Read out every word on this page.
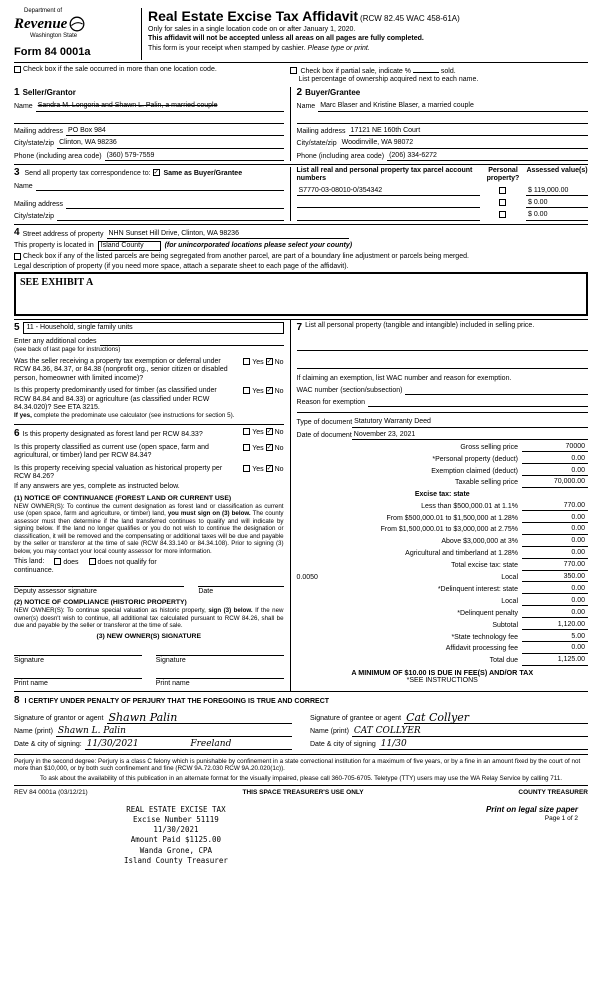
Department of
Revenue
Washington State
Form 84 0001a
Real Estate Excise Tax Affidavit (RCW 82.45 WAC 458-61A)
Only for sales in a single location code on or after January 1, 2020.
This affidavit will not be accepted unless all areas on all pages are fully completed.
This form is your receipt when stamped by cashier. Please type or print.
Check box if the sale occurred in more than one location code.	Check box if partial sale, indicate %	sold.
List percentage of ownership acquired next to each name.
1 Seller/Grantor
Name Sandra M. Longoria and Shawn L. Palin, a married couple
Mailing address PO Box 984
City/state/zip Clinton, WA 98236
Phone (including area code) (360) 579-7559
2 Buyer/Grantee
Name Marc Blaser and Kristine Blaser, a married couple
Mailing address 17121 NE 160th Court
City/state/zip Woodinville, WA 98072
Phone (including area code) (206) 334-6272
3 Send all property tax correspondence to: ✓ Same as Buyer/Grantee
Name
Mailing address
City/state/zip
List all real and personal property tax parcel account numbers
Personal property?
Assessed value(s)
S7770-03-08010-0/354342	$ 119,000.00
$ 0.00
$ 0.00
4 Street address of property NHN Sunset Hill Drive, Clinton, WA 98236
This property is located in	Island County	(for unincorporated locations please select your county)
Check box if any of the listed parcels are being segregated from another parcel, are part of a boundary line adjustment or parcels being merged.
Legal description of property (if you need more space, attach a separate sheet to each page of the affidavit).
SEE EXHIBIT A
5	11 - Household, single family units
Enter any additional codes
(see back of last page for instructions)
Was the seller receiving a property tax exemption or deferral under RCW 84.36, 84.37, or 84.38 (nonprofit org., senior citizen or disabled person, homeowner with limited income)?
Yes ✓ No
Is this property predominantly used for timber (as classified under RCW 84.84 and 84.33) or agriculture (as classified under RCW 84.34.020)? See ETA 3215.
Yes ✓ No
If yes, complete the predominate use calculator (see instructions for section 5).
6 Is this property designated as forest land per RCW 84.33?	Yes ✓ No
Is this property classified as current use (open space, farm and agricultural, or timber) land per RCW 84.34?
Yes ✓ No
Is this property receiving special valuation as historical property per RCW 84.26?
Yes ✓ No
If any answers are yes, complete as instructed below.
(1) NOTICE OF CONTINUANCE (FOREST LAND OR CURRENT USE)
NEW OWNER(S): To continue the current designation as forest land or classification as current use (open space, farm and agriculture, or timber) land, you must sign on (3) below. The county assessor must then determine if the land transferred continues to qualify and will indicate by signing below. If the land no longer qualifies or you do not wish to continue the designation or classification, it will be removed and the compensating or additional taxes will be due and payable by the seller or transferor at the time of sale (RCW 84.33.140 or 84.34.108). Prior to signing (3) below, you may contact your local county assessor for more information.
This land:	does	does not qualify for
continuance.
Deputy assessor signature	Date
(2) NOTICE OF COMPLIANCE (HISTORIC PROPERTY)
NEW OWNER(S): To continue special valuation as historic property, sign (3) below. If the new owner(s) doesn't wish to continue, all additional tax calculated pursuant to RCW 84.26, shall be due and payable by the seller or transferor at the time of sale.
(3) NEW OWNER(S) SIGNATURE
Signature	Signature
Print name	Print name
7 List all personal property (tangible and intangible) included in selling price.
If claiming an exemption, list WAC number and reason for exemption.
WAC number (section/subsection)
Reason for exemption
Type of document Statutory Warranty Deed
Date of document November 23, 2021
Gross selling price	70000
*Personal property (deduct)	0.00
Exemption claimed (deduct)	0.00
Taxable selling price	70,000.00
Excise tax: state
Less than $500,000.01 at 1.1%	770.00
From $500,000.01 to $1,500,000 at 1.28%	0.00
From $1,500,000.01 to $3,000,000 at 2.75%	0.00
Above $3,000,000 at 3%	0.00
Agricultural and timberland at 1.28%	0.00
Total excise tax: state	770.00
0.0050	Local	350.00
*Delinquent interest: state	0.00
Local	0.00
*Delinquent penalty	0.00
Subtotal	1,120.00
*State technology fee	5.00
Affidavit processing fee	0.00
Total due	1,125.00
A MINIMUM OF $10.00 IS DUE IN FEE(S) AND/OR TAX
*SEE INSTRUCTIONS
8 I CERTIFY UNDER PENALTY OF PERJURY THAT THE FOREGOING IS TRUE AND CORRECT
Signature of grantor or agent Shawn Palin
Name (print) Shawn L. Palin
Date & city of signing: 11/30/2021	Freeland
Signature of grantee or agent Cat Collyer
Name (print) CAT COLLYER
Date & city of signing 11/30
Perjury in the second degree: Perjury is a class C felony which is punishable by confinement in a state correctional institution for a maximum of five years, or by a fine in an amount fixed by the court of not more than $10,000, or by both such confinement and fine (RCW 9A.72.030 RCW 9A.20.020(1c)).
To ask about the availability of this publication in an alternate format for the visually impaired, please call 360-705-6705. Teletype (TTY) users may use the WA Relay Service by calling 711.
REV 84 0001a (03/12/21)	THIS SPACE TREASURER'S USE ONLY	COUNTY TREASURER
REAL ESTATE EXCISE TAX
Excise Number 51119
11/30/2021
Amount Paid $1125.00
Wanda Grone, CPA
Island County Treasurer
Print on legal size paper
Page 1 of 2
